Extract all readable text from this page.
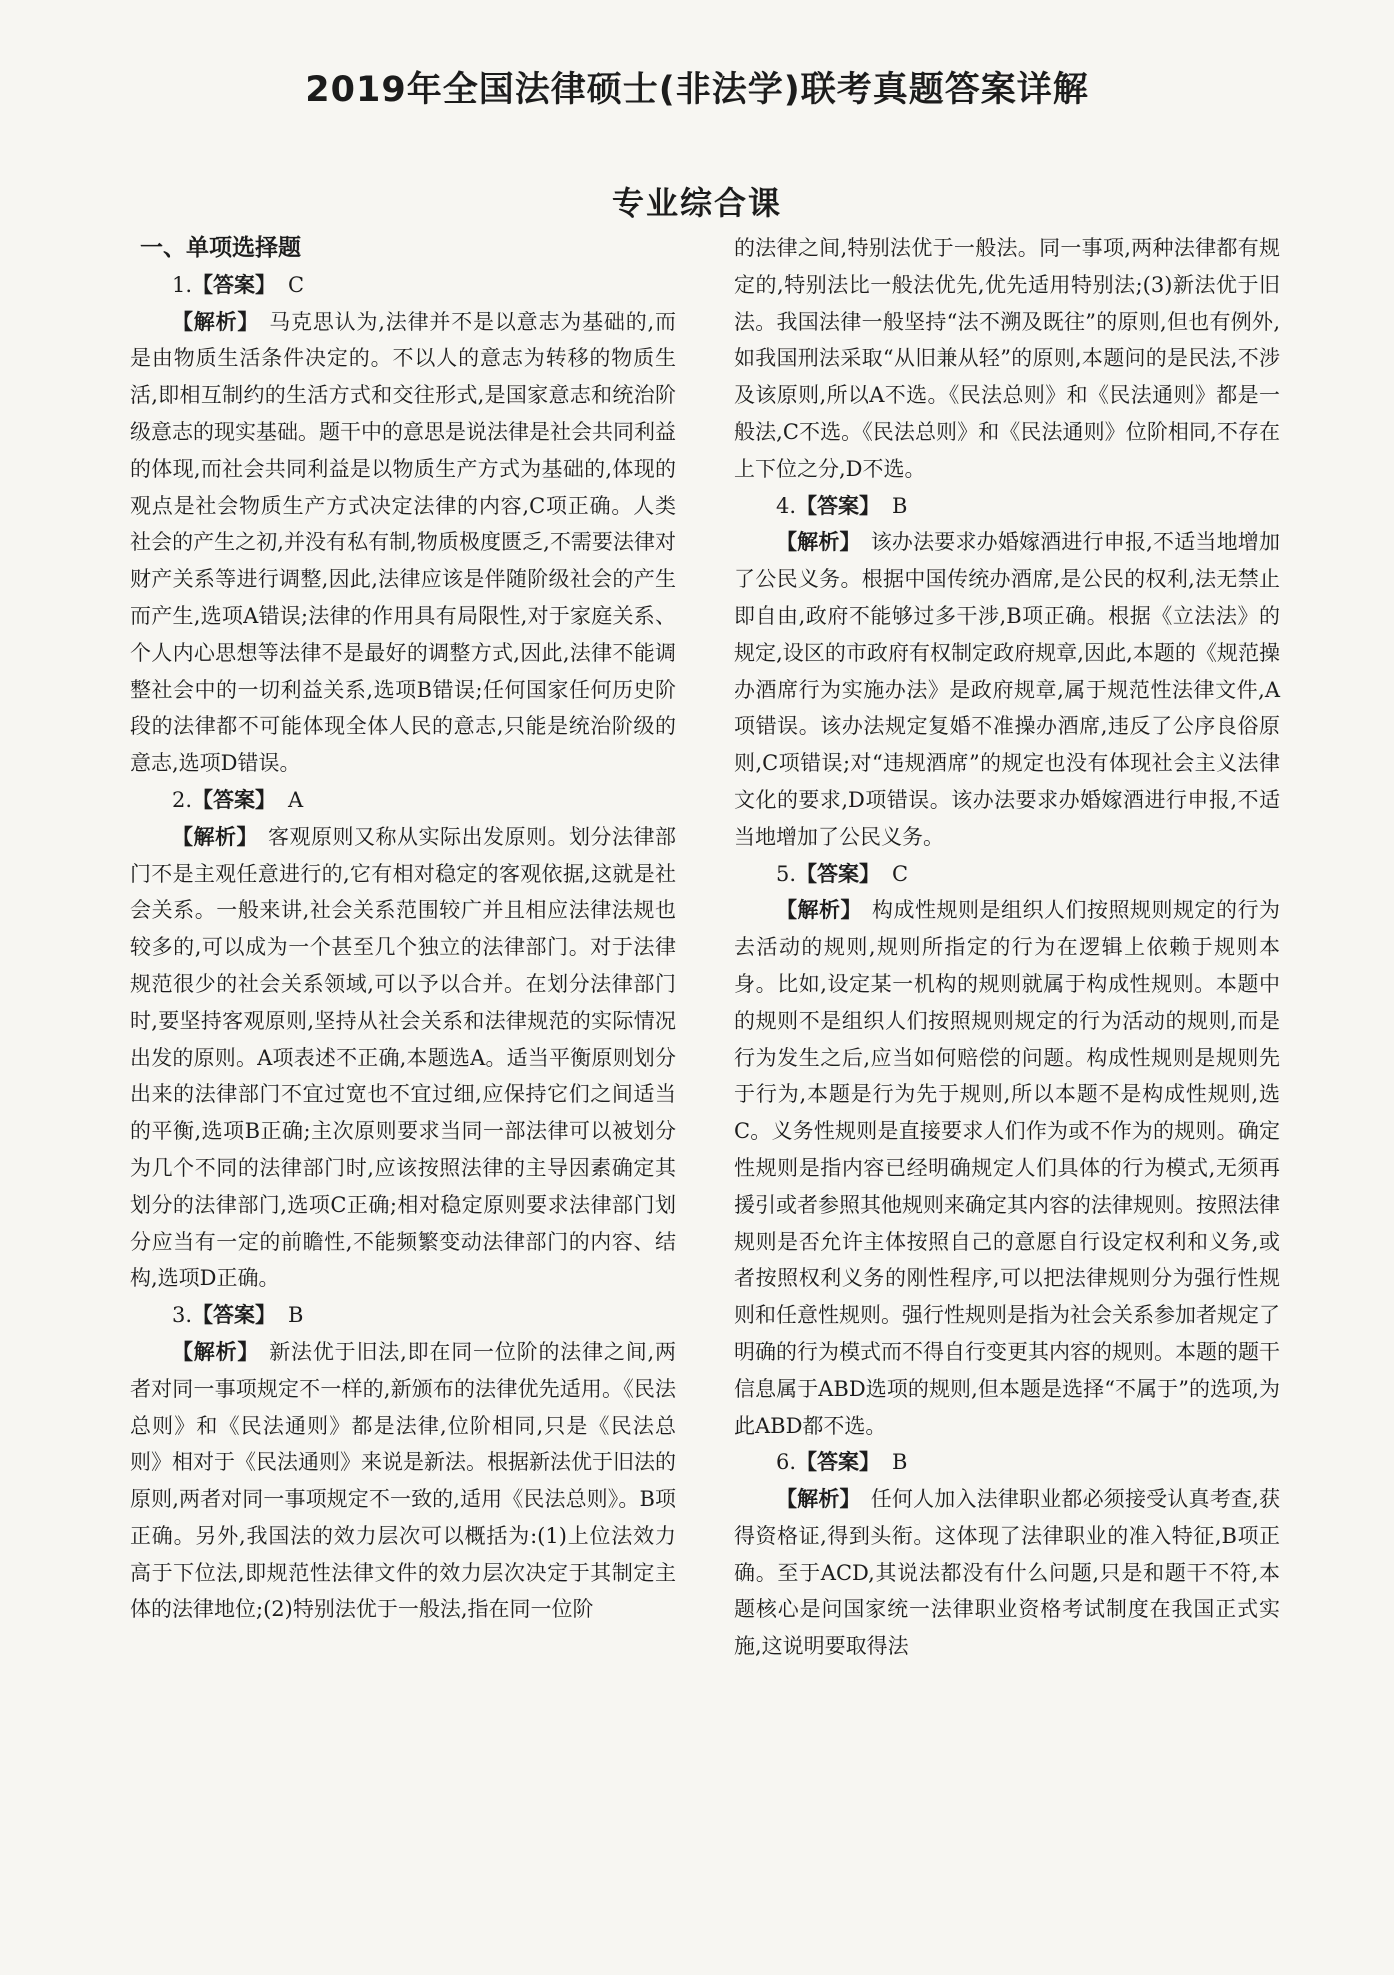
2019年全国法律硕士(非法学)联考真题答案详解
专业综合课

一、单项选择题

1.【答案】 C

【解析】 马克思认为,法律并不是以意志为基础的,而是由物质生活条件决定的。不以人的意志为转移的物质生活,即相互制约的生活方式和交往形式,是国家意志和统治阶级意志的现实基础。题干中的意思是说法律是社会共同利益的体现,而社会共同利益是以物质生产方式为基础的,体现的观点是社会物质生产方式决定法律的内容,C项正确。人类社会的产生之初,并没有私有制,物质极度匮乏,不需要法律对财产关系等进行调整,因此,法律应该是伴随阶级社会的产生而产生,选项A错误;法律的作用具有局限性,对于家庭关系、个人内心思想等法律不是最好的调整方式,因此,法律不能调整社会中的一切利益关系,选项B错误;任何国家任何历史阶段的法律都不可能体现全体人民的意志,只能是统治阶级的意志,选项D错误。

2.【答案】 A

【解析】 客观原则又称从实际出发原则。划分法律部门不是主观任意进行的,它有相对稳定的客观依据,这就是社会关系。一般来讲,社会关系范围较广并且相应法律法规也较多的,可以成为一个甚至几个独立的法律部门。对于法律规范很少的社会关系领域,可以予以合并。在划分法律部门时,要坚持客观原则,坚持从社会关系和法律规范的实际情况出发的原则。A项表述不正确,本题选A。适当平衡原则划分出来的法律部门不宜过宽也不宜过细,应保持它们之间适当的平衡,选项B正确;主次原则要求当同一部法律可以被划分为几个不同的法律部门时,应该按照法律的主导因素确定其划分的法律部门,选项C正确;相对稳定原则要求法律部门划分应当有一定的前瞻性,不能频繁变动法律部门的内容、结构,选项D正确。

3.【答案】 B

【解析】 新法优于旧法,即在同一位阶的法律之间,两者对同一事项规定不一样的,新颁布的法律优先适用。《民法总则》和《民法通则》都是法律,位阶相同,只是《民法总则》相对于《民法通则》来说是新法。根据新法优于旧法的原则,两者对同一事项规定不一致的,适用《民法总则》。B项正确。另外,我国法的效力层次可以概括为:(1)上位法效力高于下位法,即规范性法律文件的效力层次决定于其制定主体的法律地位;(2)特别法优于一般法,指在同一位阶

的法律之间,特别法优于一般法。同一事项,两种法律都有规定的,特别法比一般法优先,优先适用特别法;(3)新法优于旧法。我国法律一般坚持“法不溯及既往”的原则,但也有例外,如我国刑法采取“从旧兼从轻”的原则,本题问的是民法,不涉及该原则,所以A不选。《民法总则》和《民法通则》都是一般法,C不选。《民法总则》和《民法通则》位阶相同,不存在上下位之分,D不选。

4.【答案】 B

【解析】 该办法要求办婚嫁酒进行申报,不适当地增加了公民义务。根据中国传统办酒席,是公民的权利,法无禁止即自由,政府不能够过多干涉,B项正确。根据《立法法》的规定,设区的市政府有权制定政府规章,因此,本题的《规范操办酒席行为实施办法》是政府规章,属于规范性法律文件,A项错误。该办法规定复婚不准操办酒席,违反了公序良俗原则,C项错误;对“违规酒席”的规定也没有体现社会主义法律文化的要求,D项错误。该办法要求办婚嫁酒进行申报,不适当地增加了公民义务。

5.【答案】 C

【解析】 构成性规则是组织人们按照规则规定的行为去活动的规则,规则所指定的行为在逻辑上依赖于规则本身。比如,设定某一机构的规则就属于构成性规则。本题中的规则不是组织人们按照规则规定的行为活动的规则,而是行为发生之后,应当如何赔偿的问题。构成性规则是规则先于行为,本题是行为先于规则,所以本题不是构成性规则,选C。义务性规则是直接要求人们作为或不作为的规则。确定性规则是指内容已经明确规定人们具体的行为模式,无须再援引或者参照其他规则来确定其内容的法律规则。按照法律规则是否允许主体按照自己的意愿自行设定权利和义务,或者按照权利义务的刚性程序,可以把法律规则分为强行性规则和任意性规则。强行性规则是指为社会关系参加者规定了明确的行为模式而不得自行变更其内容的规则。本题的题干信息属于ABD选项的规则,但本题是选择“不属于”的选项,为此ABD都不选。

6.【答案】 B

【解析】 任何人加入法律职业都必须接受认真考查,获得资格证,得到头衔。这体现了法律职业的准入特征,B项正确。至于ACD,其说法都没有什么问题,只是和题干不符,本题核心是问国家统一法律职业资格考试制度在我国正式实施,这说明要取得法
